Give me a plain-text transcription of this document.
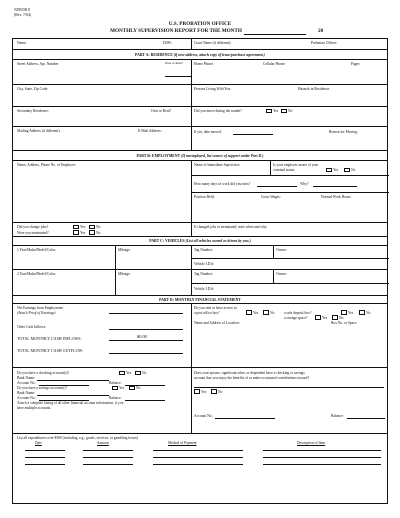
%PROB 8
(Rev. 7/04)
U.S. PROBATION OFFICE
MONTHLY SUPERVISION REPORT FOR THE MONTH	20
Name:	DOB:	Court Name (if different):	Probation Officer:
PART A: RESIDENCE (if new address, attach copy of lease/purchase agreement.)
Street Address, Apt. Number	Own or Rent?	Home Phone:	Cellular Phone:	Pager:
City, State, Zip Code:	Persons Living With You:	Hazards in Residence:
Secondary Residence:	Own or Rent?	Did you move during the month?	Yes	No
Mailing Address (if different):	E-Mail Address:	If yes, date moved:	Reason for Moving:
PART B: EMPLOYMENT (If unemployed, list source of support under Part D.)
Name, Address, Phone No. of Employer:	Name of Immediate Supervisor:	Is your employer aware of your
criminal status:	Yes	No
How many days of work did you miss?	Why?
Position Held:	Gross Wages:	Normal Work Hours:
Did you change jobs?	Yes	No
Were you terminated?	Yes	No
If changed jobs or terminated, state when and why.
PART C: VEHICLES (List all vehicles owned or driven by you.)
1 Year/Make/Model/Color:	Mileage:	Tag Number:	Owner:
Vehicle I.D.#:
2 Year/Make/Model/Color:	Mileage:	Tag Number:	Owner:
Vehicle I.D.#:
PART D: MONTHLY FINANCIAL STATEMENT
Net Earnings from Employment
(Attach Proof of Earnings)
Other Cash Inflows:
TOTAL MONTHLY CASH INFLOWS:	$0.00
TOTAL MONTHLY CASH OUTFLOW:
Do you rent or have access to:
a post office box?	Yes	No	a safe deposit box?	Yes	No
a storage space?	Yes	No
Name and Address of Location:	Box No. or Space
Do you have a checking account(s)?	Yes	No
Bank Name:
Account No.:	Balance:
Do you have a savings account(s)?	Yes	No
Bank Name:
Account No.:	Balance:
Attach a complete listing of all other financial account information, if you
have multiple accounts.
Does your spouse, significant other, or dependent have a checking or savings
account that you enjoy the benefits of or make occasional contributions toward?
Yes	No
Account No.:	Balance:
List all expenditures over $500 (including, e.g., goods, services, or gambling losses)
Date	Amount	Method of Payment	Description of Item
